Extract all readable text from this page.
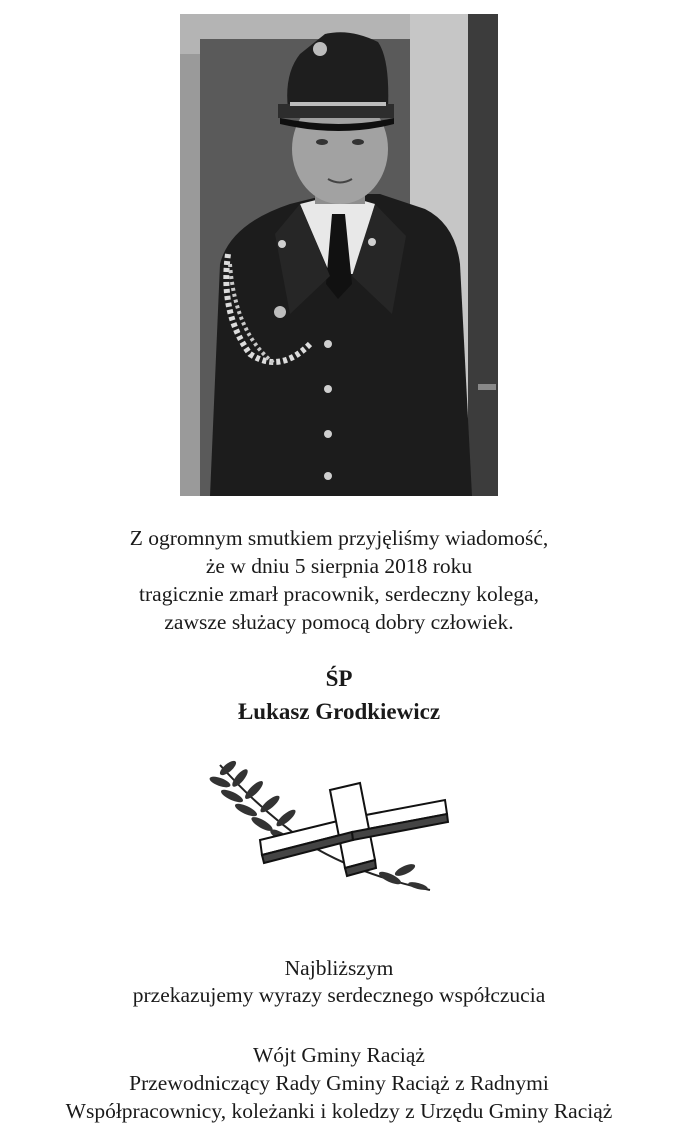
Z ogromnym smutkiem przyjęliśmy wiadomość,
że w dniu 5 sierpnia 2018 roku
tragicznie zmarł pracownik, serdeczny kolega,
zawsze służacy pomocą dobry człowiek.
ŚP
Łukasz Grodkiewicz
Najbliższym
przekazujemy wyrazy serdecznego współczucia
Wójt Gminy Raciąż
Przewodniczący Rady Gminy Raciąż z Radnymi
Współpracownicy, koleżanki i koledzy z Urzędu Gminy Raciąż
